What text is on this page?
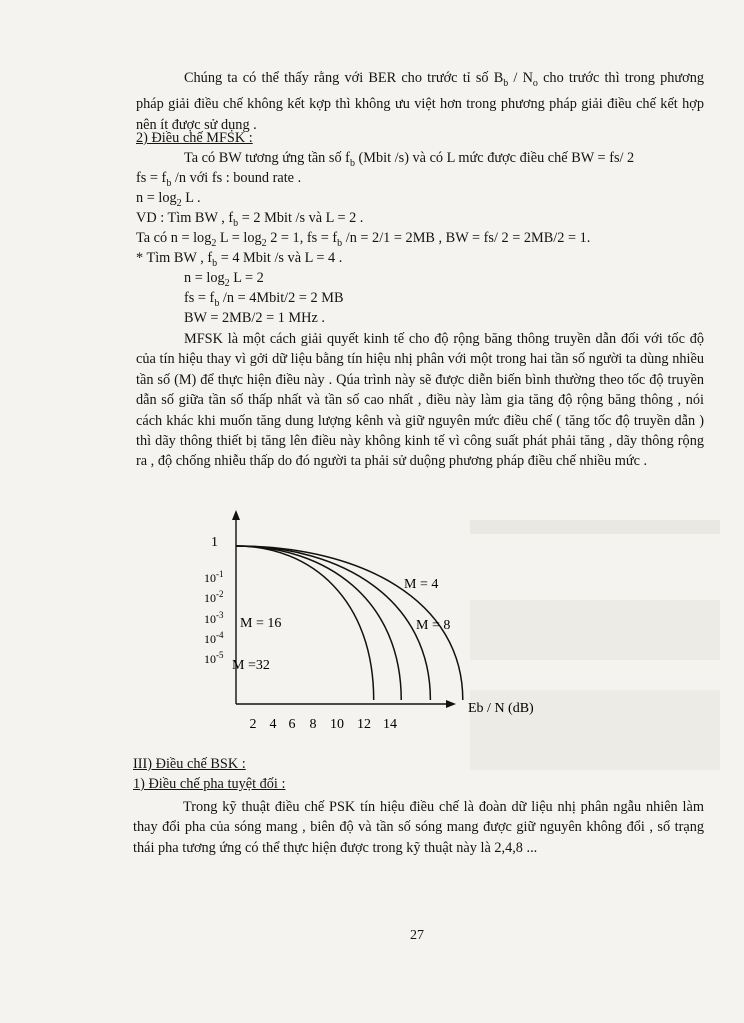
Chúng ta có thể thấy rằng với BER cho trước tỉ số $B_b / N_o$ cho trước thì trong phương pháp giải điều chế không kết kợp thì không ưu việt hơn trong phương pháp giải điều chế kết hợp nên ít được sử dụng .
2) Điều chế MFSK :
Ta có BW tương ứng tần số $f_b$ (Mbit /s) và có L mức được điều chế BW = fs/ 2
fs = $f_b$ /n với fs : bound rate .
$n = \log_2 L$ .
VD : Tìm BW , $f_b = 2$ Mbit /s và L = 2 .
Ta có $n = \log_2 L = \log_2 2 = 1$, fs = $f_b$ /n = 2/1 = 2MB , BW = fs/ 2 = 2MB/2 = 1.
* Tìm BW , $f_b = 4$ Mbit /s và L = 4 .
$n = \log_2 L = 2$
fs = $f_b$ /n = 4Mbit/2 = 2 MB
BW = 2MB/2 = 1 MHz .
MFSK là một cách giải quyết kinh tế cho độ rộng băng thông truyền dẫn đối với tốc độ của tín hiệu thay vì gởi dữ liệu bằng tín hiệu nhị phân với một trong hai tần số người ta dùng nhiều tần số (M) để thực hiện điều này . Qúa trình này sẽ được diễn biến bình thường theo tốc độ truyền dẫn số giữa tần số thấp nhất và tần số cao nhất , điều này làm gia tăng độ rộng băng thông , nói cách khác khi muốn tăng dung lượng kênh và giữ nguyên mức điều chế ( tăng tốc độ truyền dẫn ) thì dãy thông thiết bị tăng lên điều này không kinh tế vì công suất phát phải tăng , dãy thông rộng ra , độ chống nhiễu thấp do đó người ta phải sử duộng phương pháp điều chế nhiều mức .
2 4 6 8 10 12 14
1
$10^{-1}$
$10^{-2}$
$10^{-3}$
$10^{-4}$
$10^{-5}$
M = 4
M = 8
M = 16
M =32
Eb / N (dB)
III) Điều chế BSK :
1) Điều chế pha tuyệt đối :
Trong kỹ thuật điều chế PSK tín hiệu điều chế là đoàn dữ liệu nhị phân ngẫu nhiên làm thay đổi pha của sóng mang , biên độ và tần số sóng mang được giữ nguyên không đổi , số trạng thái pha tương ứng có thể thực hiện được trong kỹ thuật này là 2,4,8 ...
27
